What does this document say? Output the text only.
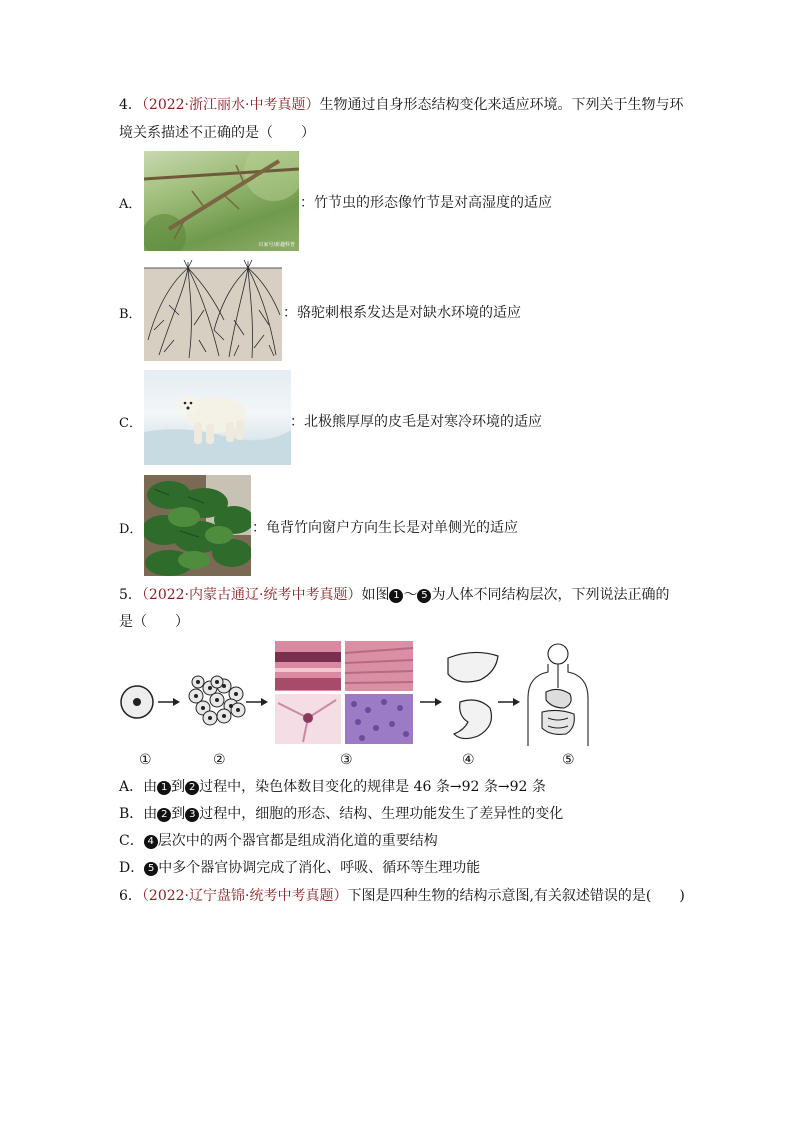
4．（2022·浙江丽水·中考真题）生物通过自身形态结构变化来适应环境。下列关于生物与环
境关系描述不正确的是（　　）
A．
百家号/新趣科普
：竹节虫的形态像竹节是对高湿度的适应
B．	：骆驼刺根系发达是对缺水环境的适应
C．	：北极熊厚厚的皮毛是对寒冷环境的适应
D．	：龟背竹向窗户方向生长是对单侧光的适应
5．（2022·内蒙古通辽·统考中考真题）如图 1 ～ 5 为人体不同结构层次，下列说法正确的
是（　　）
①	②	③	④	⑤
A．由 1 到 2 过程中，染色体数目变化的规律是 46 条→92 条→92 条
B．由 2 到 3 过程中，细胞的形态、结构、生理功能发生了差异性的变化
C． 4 层次中的两个器官都是组成消化道的重要结构
D． 5 中多个器官协调完成了消化、呼吸、循环等生理功能
6．（2022·辽宁盘锦·统考中考真题）下图是四种生物的结构示意图,有关叙述错误的是(　　)
